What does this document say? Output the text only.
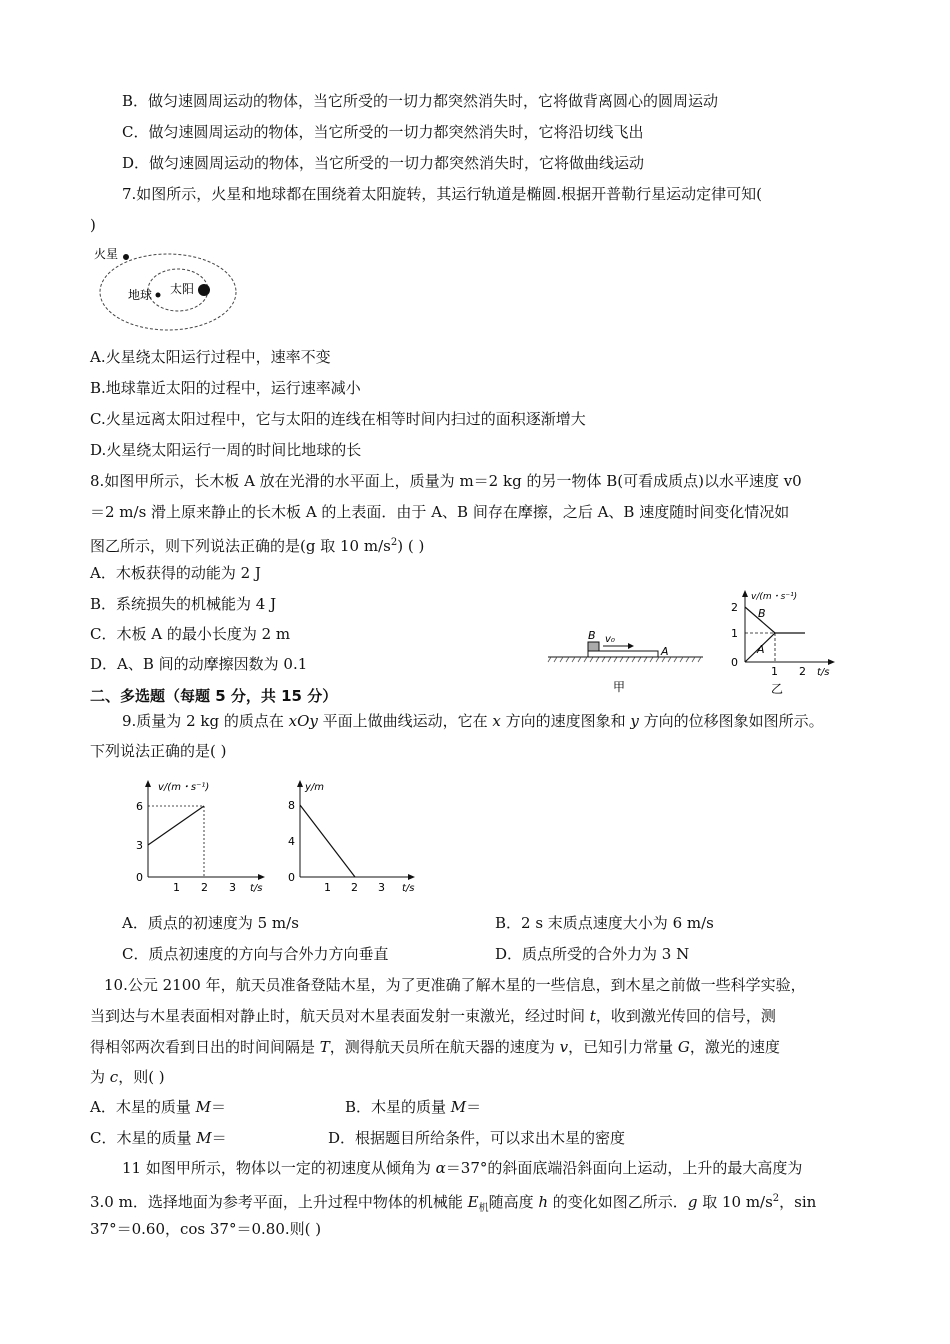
B．做匀速圆周运动的物体，当它所受的一切力都突然消失时，它将做背离圆心的圆周运动
C．做匀速圆周运动的物体，当它所受的一切力都突然消失时，它将沿切线飞出
D．做匀速圆周运动的物体，当它所受的一切力都突然消失时，它将做曲线运动
7.如图所示，火星和地球都在围绕着太阳旋转，其运行轨道是椭圆.根据开普勒行星运动定律可知(
)
火星
地球 太阳
A.火星绕太阳运行过程中，速率不变
B.地球靠近太阳的过程中，运行速率减小
C.火星远离太阳过程中，它与太阳的连线在相等时间内扫过的面积逐渐增大
D.火星绕太阳运行一周的时间比地球的长
8.如图甲所示，长木板 A 放在光滑的水平面上，质量为 m＝2 kg 的另一物体 B(可看成质点)以水平速度 v0
＝2 m/s 滑上原来静止的长木板 A 的上表面．由于 A、B 间存在摩擦，之后 A、B 速度随时间变化情况如
图乙所示，则下列说法正确的是(g 取 10 $m/s^2$) ( )
A．木板获得的动能为 2 J
B．系统损失的机械能为 4 J
C．木板 A 的最小长度为 2 m
D．A、B 间的动摩擦因数为 0.1
B v₀
A
甲
v/(m・s⁻¹)
2
1
0
1 2 t/s
B
A
乙
二、多选题（每题 5 分，共 15 分）
9.质量为 2 kg 的质点在 xOy 平面上做曲线运动，它在 x 方向的速度图象和 y 方向的位移图象如图所示。
下列说法正确的是( )
v/(m・s⁻¹)
6
3
0
1 2 3 t/s
y/m
8
4
0
1 2 3 t/s
A．质点的初速度为 5 m/s	B．2 s 末质点速度大小为 6 m/s
C．质点初速度的方向与合外力方向垂直	D．质点所受的合外力为 3 N
10.公元 2100 年，航天员准备登陆木星，为了更准确了解木星的一些信息，到木星之前做一些科学实验，
当到达与木星表面相对静止时，航天员对木星表面发射一束激光，经过时间 t，收到激光传回的信号，测
得相邻两次看到日出的时间间隔是 T，测得航天员所在航天器的速度为 v，已知引力常量 G，激光的速度
为 c，则( )
A．木星的质量 M＝	B．木星的质量 M＝
C．木星的质量 M＝	D．根据题目所给条件，可以求出木星的密度
11 如图甲所示，物体以一定的初速度从倾角为 α＝37°的斜面底端沿斜面向上运动，上升的最大高度为
3.0 m．选择地面为参考平面，上升过程中物体的机械能 $E_机$随高度 h 的变化如图乙所示．g 取 10 $m/s^2$，sin
37°＝0.60，cos 37°＝0.80.则( )
